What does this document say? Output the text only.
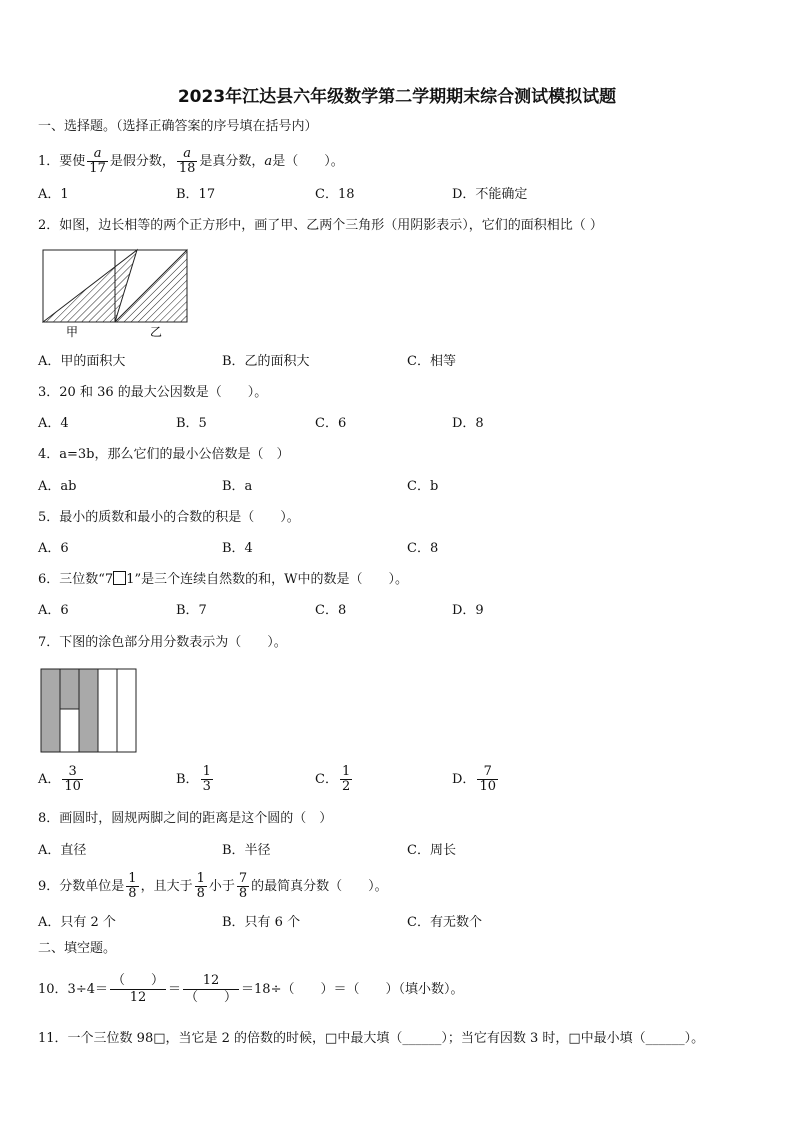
2023年江达县六年级数学第二学期期末综合测试模拟试题
一、选择题。（选择正确答案的序号填在括号内）
1．要使 $\frac{a}{17}$ 是假分数， $\frac{a}{18}$ 是真分数，a是（　　）。
A．1	B．17	C．18	D．不能确定
2．如图，边长相等的两个正方形中，画了甲、乙两个三角形（用阴影表示），它们的面积相比（ ）
甲	乙
A．甲的面积大	B．乙的面积大	C．相等
3．20 和 36 的最大公因数是（　　）。
A．4	B．5	C．6	D．8
4．a=3b，那么它们的最小公倍数是（　）
A．ab	B．a	C．b
5．最小的质数和最小的合数的积是（　　）。
A．6	B．4	C．8
6．三位数“7 1”是三个连续自然数的和，W中的数是（　　）。
A．6	B．7	C．8	D．9
7．下图的涂色部分用分数表示为（　　）。
A． $\frac{3}{10}$	B． $\frac{1}{3}$	C． $\frac{1}{2}$	D． $\frac{7}{10}$
8．画圆时，圆规两脚之间的距离是这个圆的（　）
A．直径	B．半径	C．周长
9．分数单位是 $\frac{1}{8}$ ，且大于 $\frac{1}{8}$ 小于 $\frac{7}{8}$ 的最简真分数（　　）。
A．只有 2 个	B．只有 6 个	C．有无数个
二、填空题。
10．$3\div 4= \frac{( )}{12} = \frac{12}{( )} =18\div$（　　）＝（　　）（填小数）。
11．一个三位数 98□，当它是 2 的倍数的时候，□中最大填（______）；当它有因数 3 时，□中最小填（______）。
